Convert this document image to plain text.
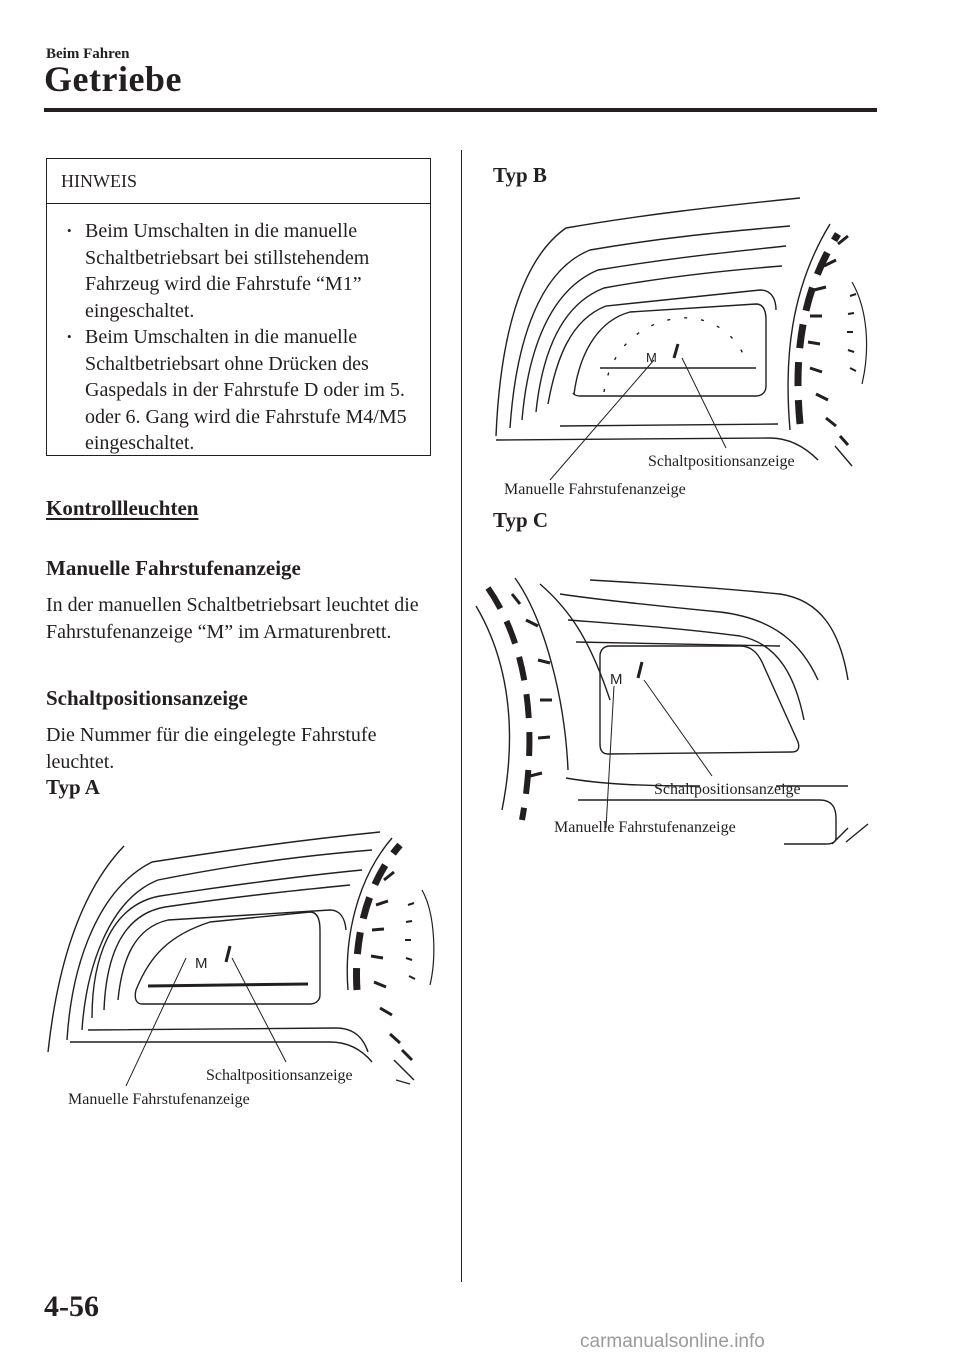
Beim Fahren
Getriebe
HINWEIS
• Beim Umschalten in die manuelle Schaltbetriebsart bei stillstehendem Fahrzeug wird die Fahrstufe “M1” eingeschaltet.
• Beim Umschalten in die manuelle Schaltbetriebsart ohne Drücken des Gaspedals in der Fahrstufe D oder im 5. oder 6. Gang wird die Fahrstufe M4/M5 eingeschaltet.
Kontrollleuchten
Manuelle Fahrstufenanzeige
In der manuellen Schaltbetriebsart leuchtet die Fahrstufenanzeige “M” im Armaturenbrett.
Schaltpositionsanzeige
Die Nummer für die eingelegte Fahrstufe leuchtet.
Typ A
M
Schaltpositionsanzeige
Manuelle Fahrstufenanzeige
Typ B
M
Schaltpositionsanzeige
Manuelle Fahrstufenanzeige
Typ C
M
Schaltpositionsanzeige
Manuelle Fahrstufenanzeige
4-56
carmanualsonline.info
